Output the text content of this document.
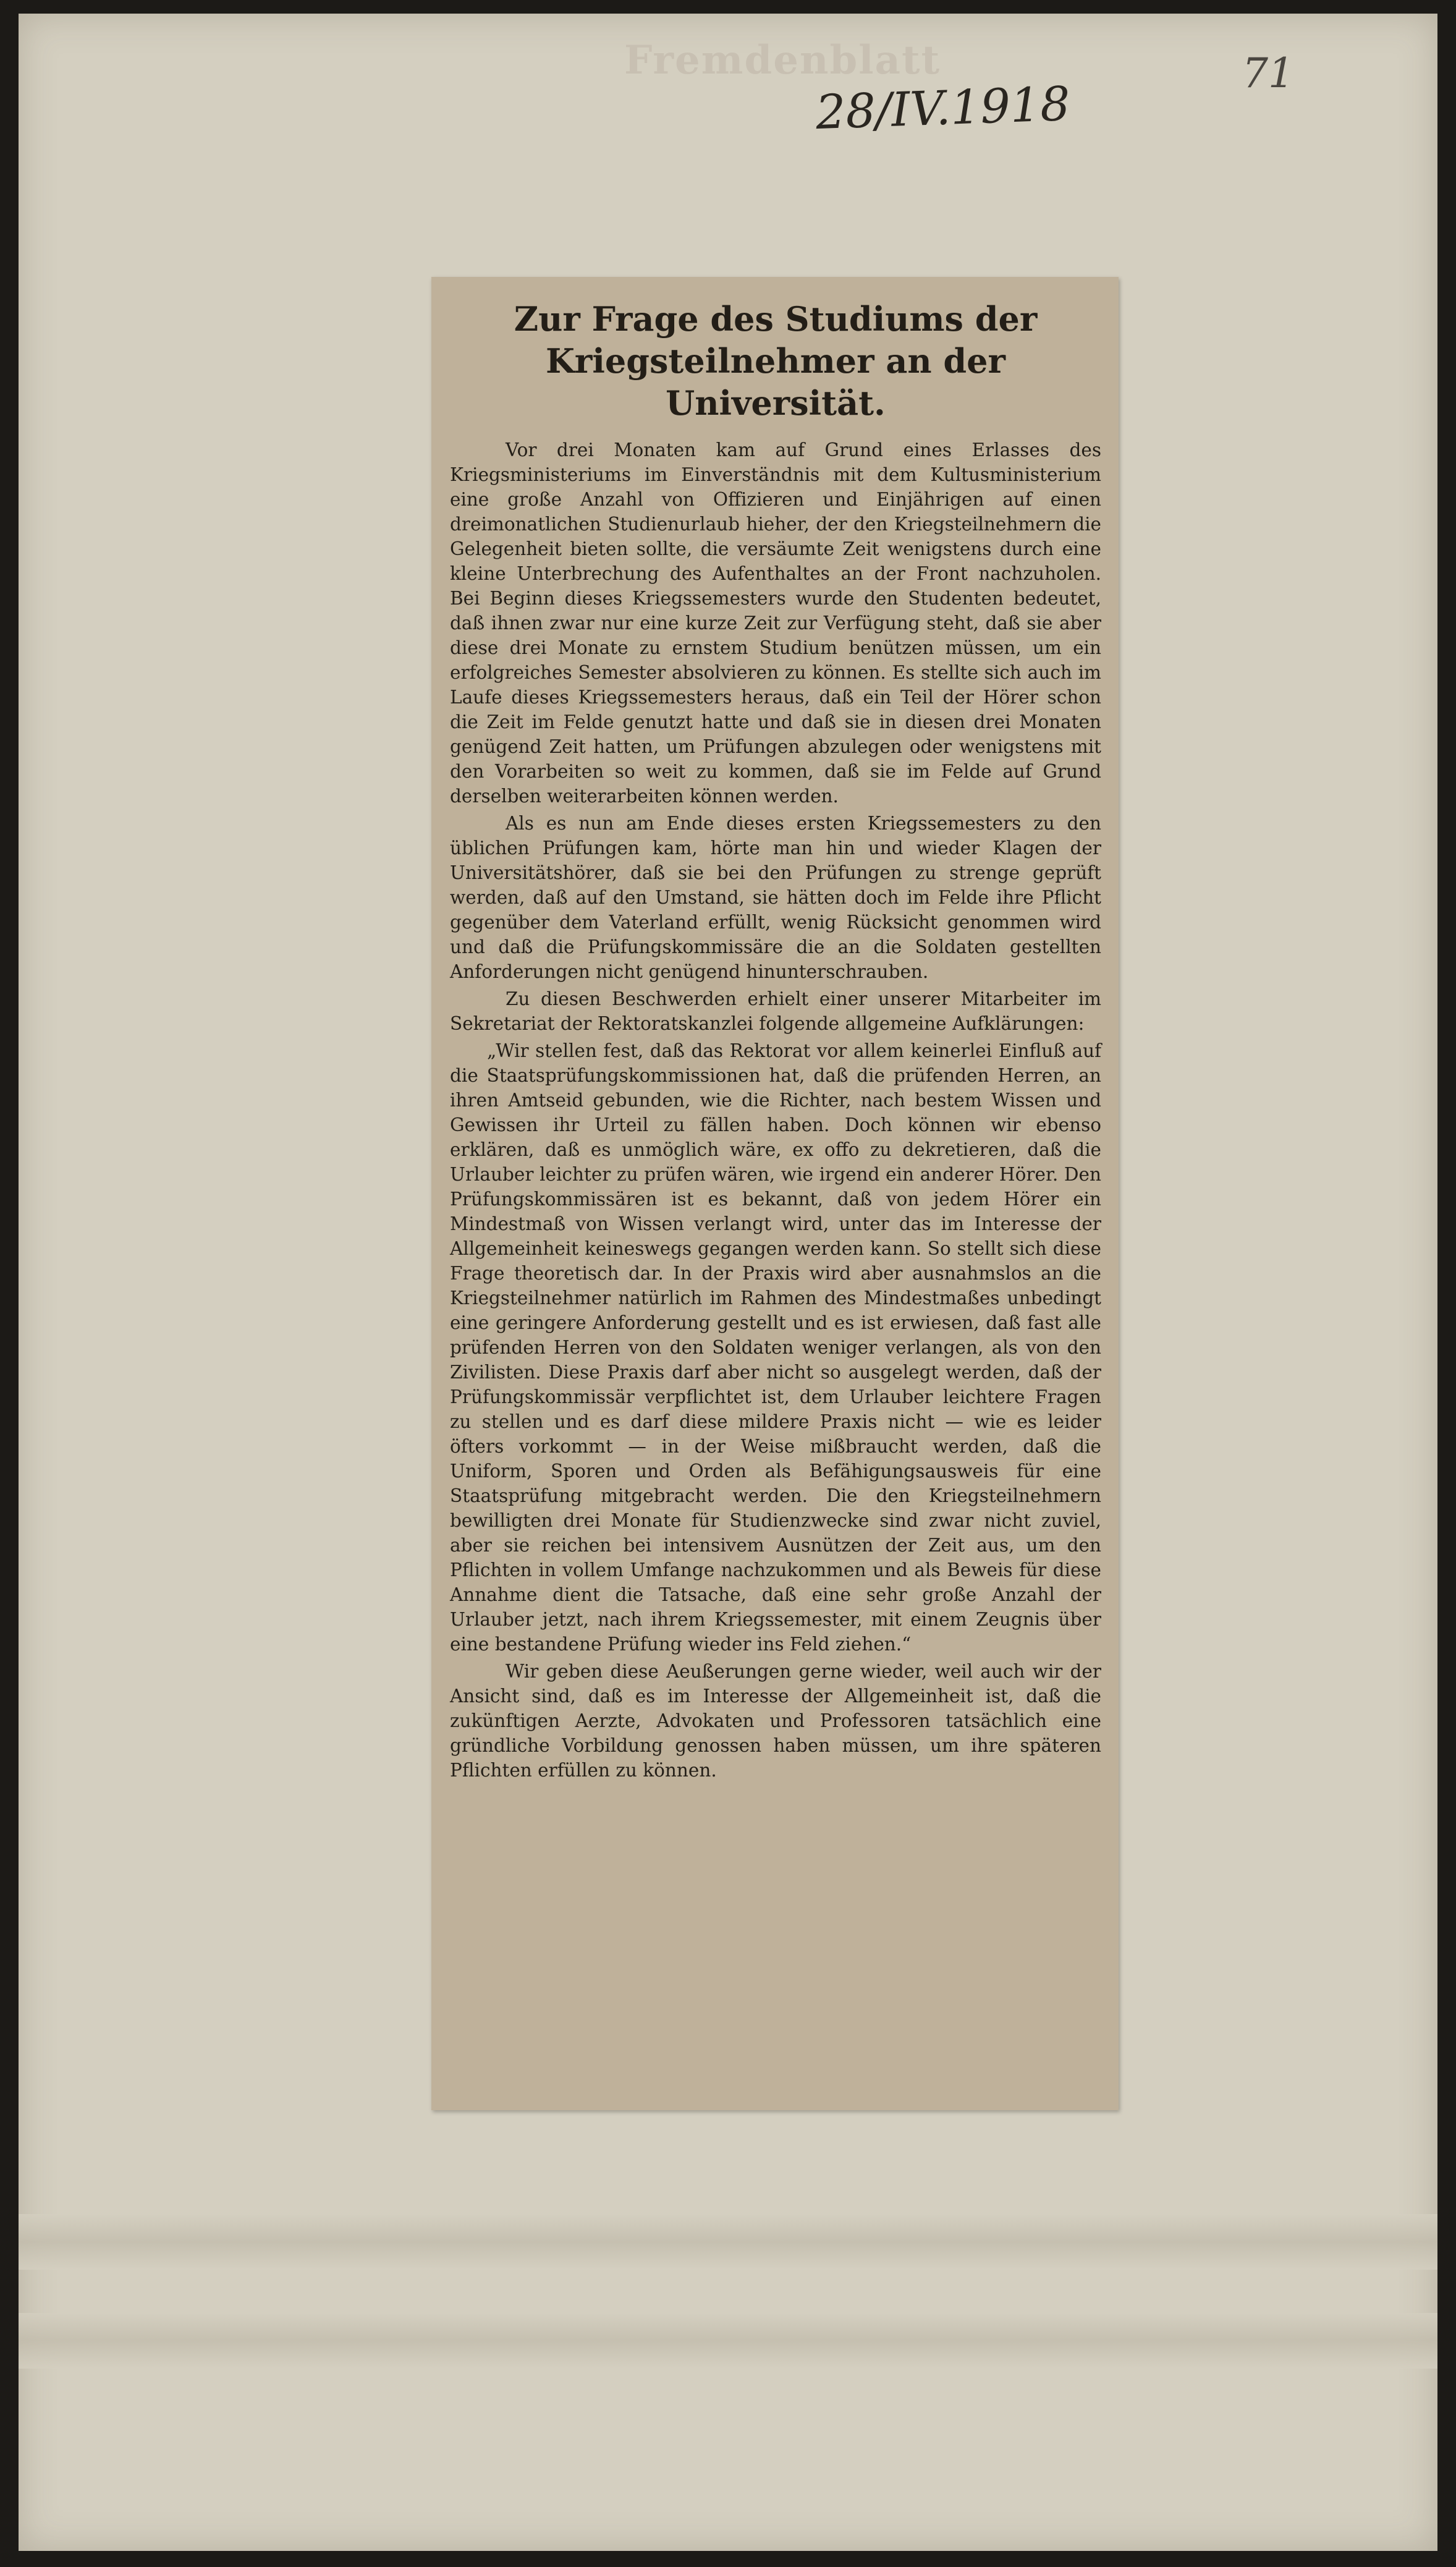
Fremdenblatt	71
28/IV.1918
Zur Frage des Studiums der Kriegsteilnehmer an der Universität.

Vor drei Monaten kam auf Grund eines Erlasses des Kriegsministeriums im Einverständnis mit dem Kultusministerium eine große Anzahl von Offizieren und Einjährigen auf einen dreimonatlichen Studienurlaub hieher, der den Kriegsteilnehmern die Gelegenheit bieten sollte, die versäumte Zeit wenigstens durch eine kleine Unterbrechung des Aufenthaltes an der Front nachzuholen. Bei Beginn dieses Kriegssemesters wurde den Studenten bedeutet, daß ihnen zwar nur eine kurze Zeit zur Verfügung steht, daß sie aber diese drei Monate zu ernstem Studium benützen müssen, um ein erfolgreiches Semester absolvieren zu können. Es stellte sich auch im Laufe dieses Kriegssemesters heraus, daß ein Teil der Hörer schon die Zeit im Felde genutzt hatte und daß sie in diesen drei Monaten genügend Zeit hatten, um Prüfungen abzulegen oder wenigstens mit den Vorarbeiten so weit zu kommen, daß sie im Felde auf Grund derselben weiterarbeiten können werden.

Als es nun am Ende dieses ersten Kriegssemesters zu den üblichen Prüfungen kam, hörte man hin und wieder Klagen der Universitätshörer, daß sie bei den Prüfungen zu strenge geprüft werden, daß auf den Umstand, sie hätten doch im Felde ihre Pflicht gegenüber dem Vaterland erfüllt, wenig Rücksicht genommen wird und daß die Prüfungskommissäre die an die Soldaten gestellten Anforderungen nicht genügend hinunterschrauben.

Zu diesen Beschwerden erhielt einer unserer Mitarbeiter im Sekretariat der Rektoratskanzlei folgende allgemeine Aufklärungen:

„Wir stellen fest, daß das Rektorat vor allem keinerlei Einfluß auf die Staatsprüfungskommissionen hat, daß die prüfenden Herren, an ihren Amtseid gebunden, wie die Richter, nach bestem Wissen und Gewissen ihr Urteil zu fällen haben. Doch können wir ebenso erklären, daß es unmöglich wäre, ex offo zu dekretieren, daß die Urlauber leichter zu prüfen wären, wie irgend ein anderer Hörer. Den Prüfungskommissären ist es bekannt, daß von jedem Hörer ein Mindestmaß von Wissen verlangt wird, unter das im Interesse der Allgemeinheit keineswegs gegangen werden kann. So stellt sich diese Frage theoretisch dar. In der Praxis wird aber ausnahmslos an die Kriegsteilnehmer natürlich im Rahmen des Mindestmaßes unbedingt eine geringere Anforderung gestellt und es ist erwiesen, daß fast alle prüfenden Herren von den Soldaten weniger verlangen, als von den Zivilisten. Diese Praxis darf aber nicht so ausgelegt werden, daß der Prüfungskommissär verpflichtet ist, dem Urlauber leichtere Fragen zu stellen und es darf diese mildere Praxis nicht — wie es leider öfters vorkommt — in der Weise mißbraucht werden, daß die Uniform, Sporen und Orden als Befähigungsausweis für eine Staatsprüfung mitgebracht werden. Die den Kriegsteilnehmern bewilligten drei Monate für Studienzwecke sind zwar nicht zuviel, aber sie reichen bei intensivem Ausnützen der Zeit aus, um den Pflichten in vollem Umfange nachzukommen und als Beweis für diese Annahme dient die Tatsache, daß eine sehr große Anzahl der Urlauber jetzt, nach ihrem Kriegssemester, mit einem Zeugnis über eine bestandene Prüfung wieder ins Feld ziehen.“

Wir geben diese Aeußerungen gerne wieder, weil auch wir der Ansicht sind, daß es im Interesse der Allgemeinheit ist, daß die zukünftigen Aerzte, Advokaten und Professoren tatsächlich eine gründliche Vorbildung genossen haben müssen, um ihre späteren Pflichten erfüllen zu können.
